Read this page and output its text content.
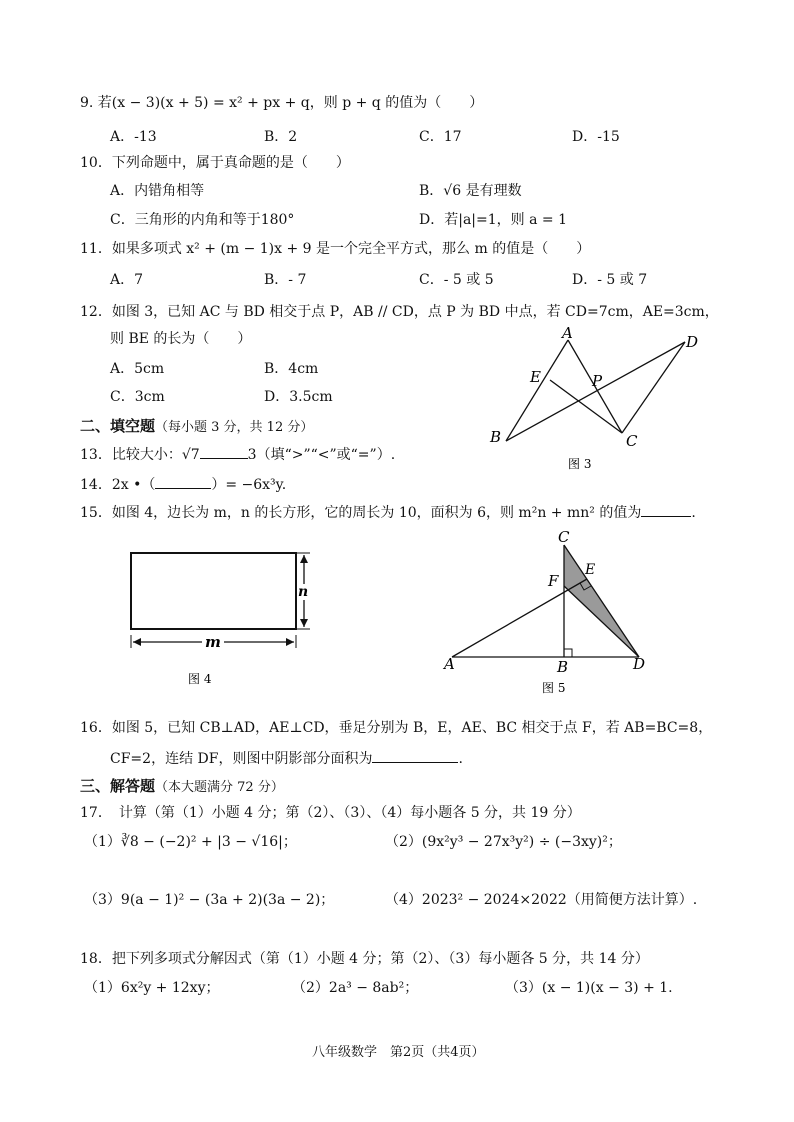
9. 若(x − 3)(x + 5) = x² + px + q，则 p + q 的值为（　　）
A．-13	B．2	C．17	D．-15
10．下列命题中，属于真命题的是（　　）
A．内错角相等	B．√6 是有理数
C．三角形的内角和等于180°	D．若|a|=1，则 a = 1
11．如果多项式 x² + (m − 1)x + 9 是一个完全平方式，那么 m 的值是（　　）
A．7	B．- 7	C．- 5 或 5	D．- 5 或 7
12．如图 3，已知 AC 与 BD 相交于点 P，AB // CD，点 P 为 BD 中点，若 CD=7cm，AE=3cm，
则 BE 的长为（　　）
A．5cm	B．4cm
C．3cm	D．3.5cm
A
B	C
D
E	P
图 3
二、填空题（每小题 3 分，共 12 分）
13．比较大小：√7	3（填“>”“<”或“=”）.
14．2x •（	）= −6x³y.
15．如图 4，边长为 m，n 的长方形，它的周长为 10，面积为 6，则 m²n + mn² 的值为	.
m
n
图 4
C
F
E
A	B	D
图 5
16．如图 5，已知 CB⊥AD，AE⊥CD，垂足分别为 B，E，AE、BC 相交于点 F，若 AB=BC=8，
CF=2，连结 DF，则图中阴影部分面积为	.
三、解答题（本大题满分 72 分）
17．　计算（第（1）小题 4 分；第（2）、（3）、（4）每小题各 5 分，共 19 分）
（1）∛8 − (−2)² + |3 − √16|；	（2）(9x²y³ − 27x³y²) ÷ (−3xy)²；
（3）9(a − 1)² − (3a + 2)(3a − 2)；	（4）2023² − 2024×2022（用简便方法计算）.
18．把下列多项式分解因式（第（1）小题 4 分；第（2）、（3）每小题各 5 分，共 14 分）
（1）6x²y + 12xy；	（2）2a³ − 8ab²；	（3）(x − 1)(x − 3) + 1.
八年级数学　第2页（共4页）
